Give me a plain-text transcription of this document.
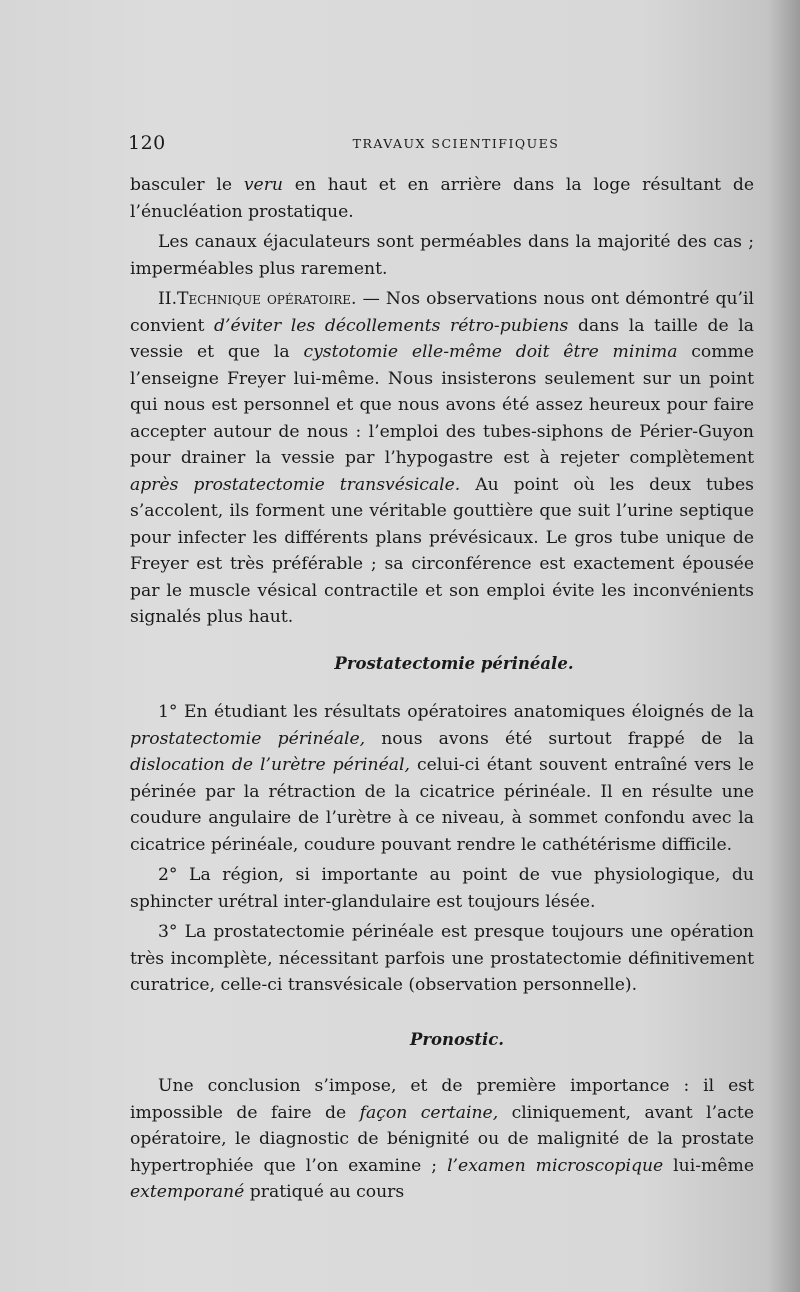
120	TRAVAUX SCIENTIFIQUES

basculer le veru en haut et en arrière dans la loge résultant de l’énucléation prostatique.

Les canaux éjaculateurs sont perméables dans la majorité des cas ; imperméables plus rarement.

II.Technique opératoire. — Nos observations nous ont démontré qu’il convient d’éviter les décollements rétro-pubiens dans la taille de la vessie et que la cystotomie elle-même doit être minima comme l’enseigne Freyer lui-même. Nous insisterons seulement sur un point qui nous est personnel et que nous avons été assez heureux pour faire accepter autour de nous : l’emploi des tubes-siphons de Périer-Guyon pour drainer la vessie par l’hypogastre est à rejeter complètement après prostatectomie transvésicale. Au point où les deux tubes s’accolent, ils forment une véritable gouttière que suit l’urine septique pour infecter les différents plans prévésicaux. Le gros tube unique de Freyer est très préférable ; sa circonférence est exactement épousée par le muscle vésical contractile et son emploi évite les inconvénients signalés plus haut.

Prostatectomie périnéale.

1° En étudiant les résultats opératoires anatomiques éloignés de la prostatectomie périnéale, nous avons été surtout frappé de la dislocation de l’urètre périnéal, celui-ci étant souvent entraîné vers le périnée par la rétraction de la cicatrice périnéale. Il en résulte une coudure angulaire de l’urètre à ce niveau, à sommet confondu avec la cicatrice périnéale, coudure pouvant rendre le cathétérisme difficile.

2° La région, si importante au point de vue physiologique, du sphincter urétral inter-glandulaire est toujours lésée.

3° La prostatectomie périnéale est presque toujours une opération très incomplète, nécessitant parfois une prostatectomie définitivement curatrice, celle-ci transvésicale (observation personnelle).

Pronostic.

Une conclusion s’impose, et de première importance : il est impossible de faire de façon certaine, cliniquement, avant l’acte opératoire, le diagnostic de bénignité ou de malignité de la prostate hypertrophiée que l’on examine ; l’examen microscopique lui-même extemporané pratiqué au cours
